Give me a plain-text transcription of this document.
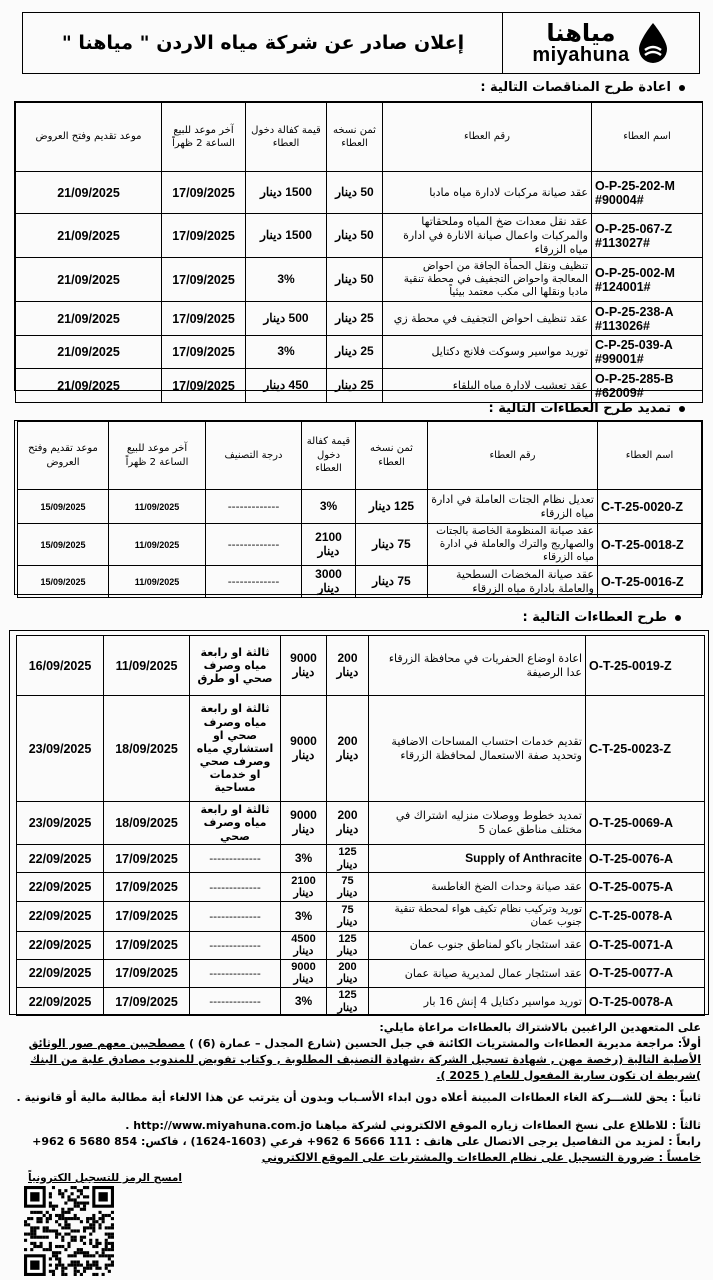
مياهنا
miyahuna
إعلان صادر عن شركة مياه الاردن " مياهنا "
اعادة طرح المناقصات التالية :
اسم العطاء	رقم العطاء	ثمن نسخه العطاء	قيمة كفالة دخول العطاء	آخر موعد للبيع الساعة 2 ظهراً	موعد تقديم وفتح العروض
O-P-25-202-M #90004#	عقد صيانة مركبات لادارة مياه مادبا	50 دينار	1500 دينار	17/09/2025	21/09/2025
O-P-25-067-Z #113027#	عقد نقل معدات ضخ المياه وملحقاتها والمركبات واعمال صيانة الانارة في ادارة مياه الزرقاء	50 دينار	1500 دينار	17/09/2025	21/09/2025
O-P-25-002-M #124001#	تنظيف ونقل الحمأة الجافة من احواض المعالجة واحواض التجفيف في محطة تنقية مادبا ونقلها الى مكب معتمد بيئياً	50 دينار	3%	17/09/2025	21/09/2025
O-P-25-238-A #113026#	عقد تنظيف احواض التجفيف في محطة زي	25 دينار	500 دينار	17/09/2025	21/09/2025
C-P-25-039-A #99001#	توريد مواسير وسوكت فلانج دكتايل	25 دينار	3%	17/09/2025	21/09/2025
O-P-25-285-B #62009#	عقد تعشيب لادارة مياه البلقاء	25 دينار	450 دينار	17/09/2025	21/09/2025
تمديد طرح العطاءات التالية :
اسم العطاء	رقم العطاء	ثمن نسخه العطاء	قيمة كفالة دخول العطاء	درجة التصنيف	آخر موعد للبيع الساعة 2 ظهراً	موعد تقديم وفتح العروض
C-T-25-0020-Z	تعديل نظام الجتات العاملة في ادارة مياه الزرقاء	125 دينار	3%	-------------	11/09/2025	15/09/2025
O-T-25-0018-Z	عقد صيانة المنظومة الخاصة بالجتات والصهاريج والترك والعاملة في ادارة مياه الزرقاء	75 دينار	2100 دينار	-------------	11/09/2025	15/09/2025
O-T-25-0016-Z	عقد صيانة المخضات السطحية والعاملة بادارة مياه الزرقاء	75 دينار	3000 دينار	-------------	11/09/2025	15/09/2025
طرح العطاءات التالية :
O-T-25-0019-Z	اعادة اوضاع الحفريات في محافظة الزرقاء عدا الرصيفة	200 دينار	9000 دينار	ثالثة او رابعة مياه وصرف صحي او طرق	11/09/2025	16/09/2025
C-T-25-0023-Z	تقديم خدمات احتساب المساحات الاضافية وتحديد صفة الاستعمال لمحافظة الزرقاء	200 دينار	9000 دينار	ثالثة او رابعة مياه وصرف صحي او استشاري مياه وصرف صحي او خدمات مساحية	18/09/2025	23/09/2025
O-T-25-0069-A	تمديد خطوط ووصلات منزليه اشتراك في مختلف مناطق عمان 5	200 دينار	9000 دينار	ثالثة او رابعة مياه وصرف صحي	18/09/2025	23/09/2025
O-T-25-0076-A	Supply of Anthracite	125 دينار	3%	-------------	17/09/2025	22/09/2025
O-T-25-0075-A	عقد صيانة وحدات الضخ الغاطسة	75 دينار	2100 دينار	-------------	17/09/2025	22/09/2025
C-T-25-0078-A	توريد وتركيب نظام تكيف هواء لمحطة تنقية جنوب عمان	75 دينار	3%	-------------	17/09/2025	22/09/2025
O-T-25-0071-A	عقد استئجار باكو لمناطق جنوب عمان	125 دينار	4500 دينار	-------------	17/09/2025	22/09/2025
O-T-25-0077-A	عقد استئجار عمال لمديرية صيانة عمان	200 دينار	9000 دينار	-------------	17/09/2025	22/09/2025
O-T-25-0078-A	توريد مواسير دكتايل 4 إنش 16 بار	125 دينار	3%	-------------	17/09/2025	22/09/2025

على المتعهدين الراغبين بالاشتراك بالعطاءات مراعاة مايلي:

أولاً: مراجعة مديرية العطاءات والمشتريات الكائنة في جبل الحسين (شارع المجدل – عمارة (6) ) مصطحبين معهم صور الوثائق الأصلية التالية (رخصة مهن , شهادة تسجيل الشركة ،شهادة التصنيف المطلوبة , وكتاب تفويض للمندوب مصادق علية من البنك )شريطة ان تكون سارية المفعول للعام ( 2025 ).

ثانياً : يحق للشـــركة الغاء العطاءات المبينة أعلاه دون ابداء الأسـباب وبدون أن يترتب عن هذا الالغاء أية مطالبة مالية أو قانونية .

ثالثاً : للاطلاع على نسخ العطاءات زياره الموقع الالكتروني لشركة مياهنا http://www.miyahuna.com.jo .

رابعاً : لمزيد من التفاصيل يرجى الاتصال على هاتف : 111 5666 6 962+ فرعي (1603-1624) ، فاكس: 854 5680 6 962+

خامساً : ضرورة التسجيل على نظام العطاءات والمشتريات على الموقع الالكتروني

امسح الرمز للتسجيل الكترونياً
